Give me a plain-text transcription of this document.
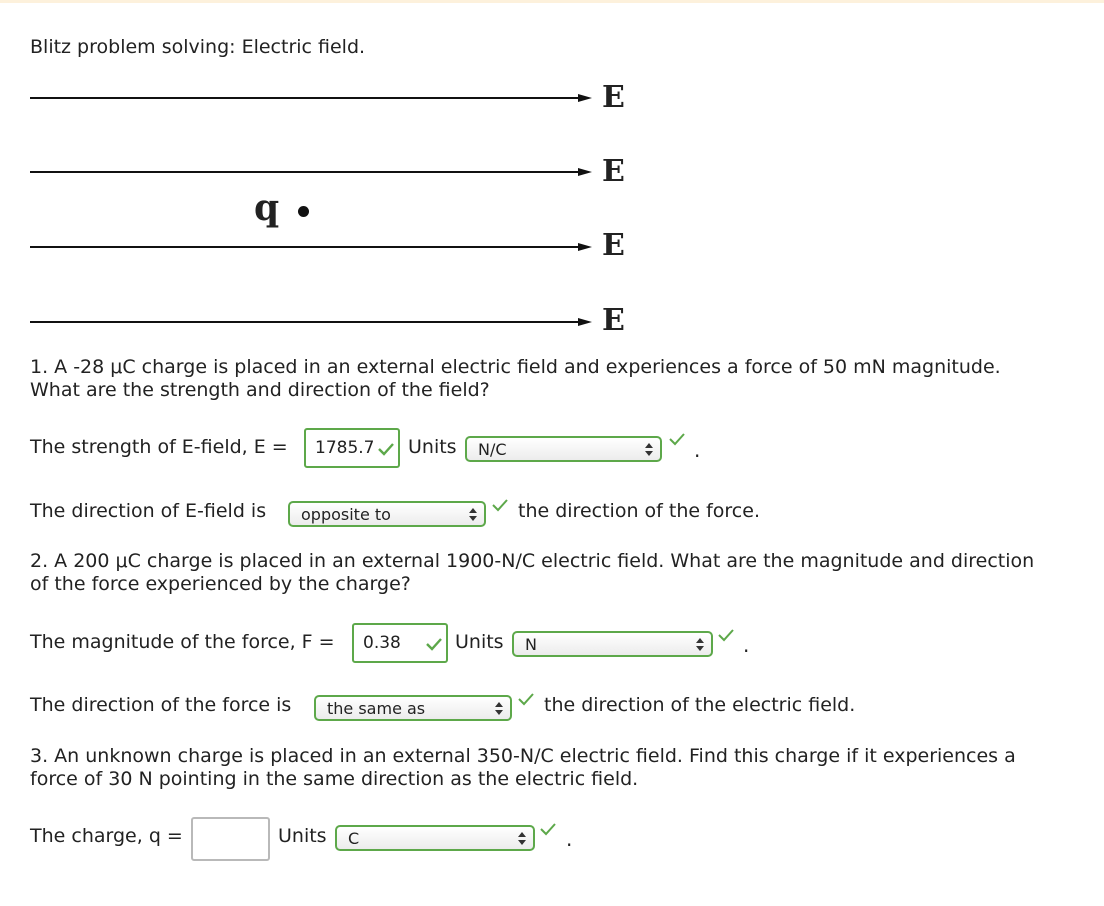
Blitz problem solving: Electric field.
E
E
q
E
E
1. A -28 μC charge is placed in an external electric field and experiences a force of 50 mN magnitude.
What are the strength and direction of the field?
The strength of E-field, E = 1785.7 Units N/C	.
The direction of E-field is opposite to	the direction of the force.
2. A 200 μC charge is placed in an external 1900-N/C electric field. What are the magnitude and direction
of the force experienced by the charge?
The magnitude of the force, F = 0.38	Units N	.
The direction of the force is the same as	the direction of the electric field.
3. An unknown charge is placed in an external 350-N/C electric field. Find this charge if it experiences a
force of 30 N pointing in the same direction as the electric field.
The charge, q =	Units C	.
